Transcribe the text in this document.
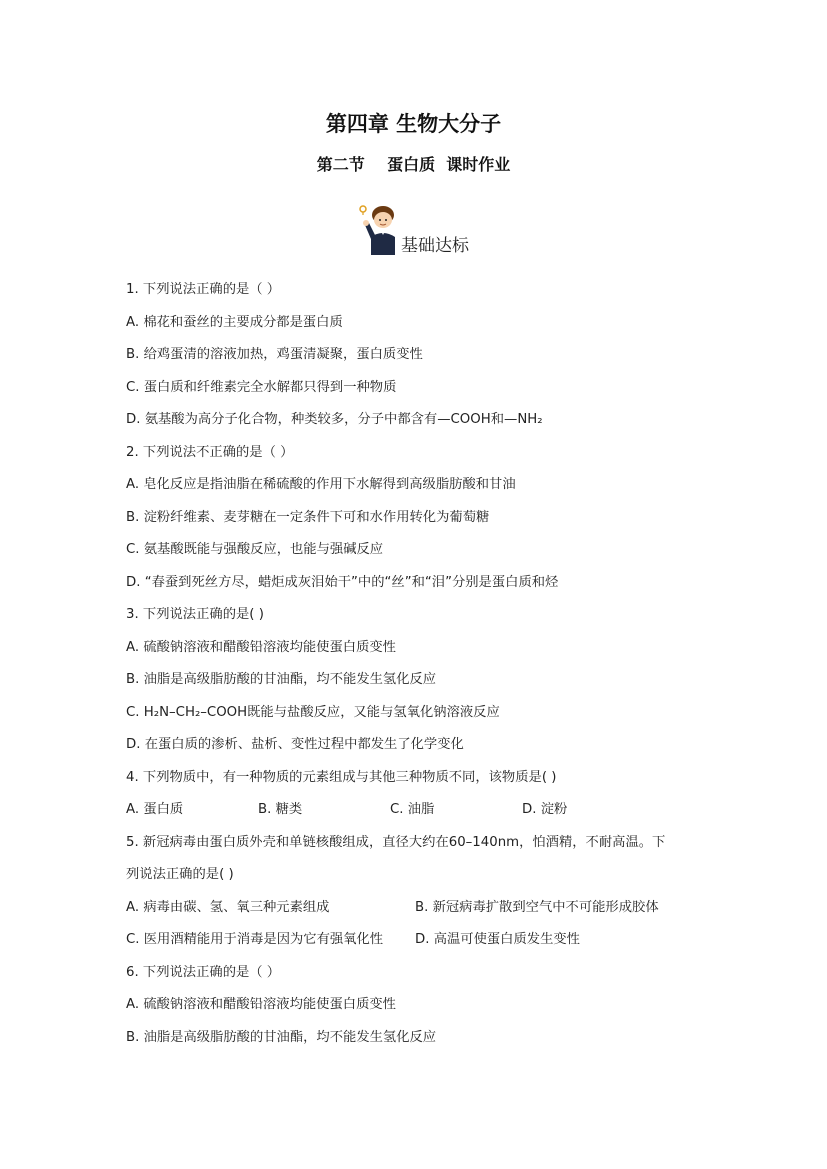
第四章 生物大分子
第二节    蛋白质  课时作业
基础达标
1. 下列说法正确的是（ ）
A. 棉花和蚕丝的主要成分都是蛋白质
B. 给鸡蛋清的溶液加热，鸡蛋清凝聚，蛋白质变性
C. 蛋白质和纤维素完全水解都只得到一种物质
D. 氨基酸为高分子化合物，种类较多，分子中都含有—COOH和—NH₂
2. 下列说法不正确的是（ ）
A. 皂化反应是指油脂在稀硫酸的作用下水解得到高级脂肪酸和甘油
B. 淀粉纤维素、麦芽糖在一定条件下可和水作用转化为葡萄糖
C. 氨基酸既能与强酸反应，也能与强碱反应
D. “春蚕到死丝方尽，蜡炬成灰泪始干”中的“丝”和“泪”分别是蛋白质和烃
3. 下列说法正确的是( )
A. 硫酸钠溶液和醋酸铅溶液均能使蛋白质变性
B. 油脂是高级脂肪酸的甘油酯，均不能发生氢化反应
C. H₂N–CH₂–COOH既能与盐酸反应，又能与氢氧化钠溶液反应
D. 在蛋白质的渗析、盐析、变性过程中都发生了化学变化
4. 下列物质中，有一种物质的元素组成与其他三种物质不同，该物质是( )
A. 蛋白质	B. 糖类	C. 油脂	D. 淀粉
5. 新冠病毒由蛋白质外壳和单链核酸组成，直径大约在60–140nm，怕酒精，不耐高温。下
列说法正确的是( )
A. 病毒由碳、氢、氧三种元素组成	B. 新冠病毒扩散到空气中不可能形成胶体
C. 医用酒精能用于消毒是因为它有强氧化性 D. 高温可使蛋白质发生变性
6. 下列说法正确的是（ ）
A. 硫酸钠溶液和醋酸铅溶液均能使蛋白质变性
B. 油脂是高级脂肪酸的甘油酯，均不能发生氢化反应
